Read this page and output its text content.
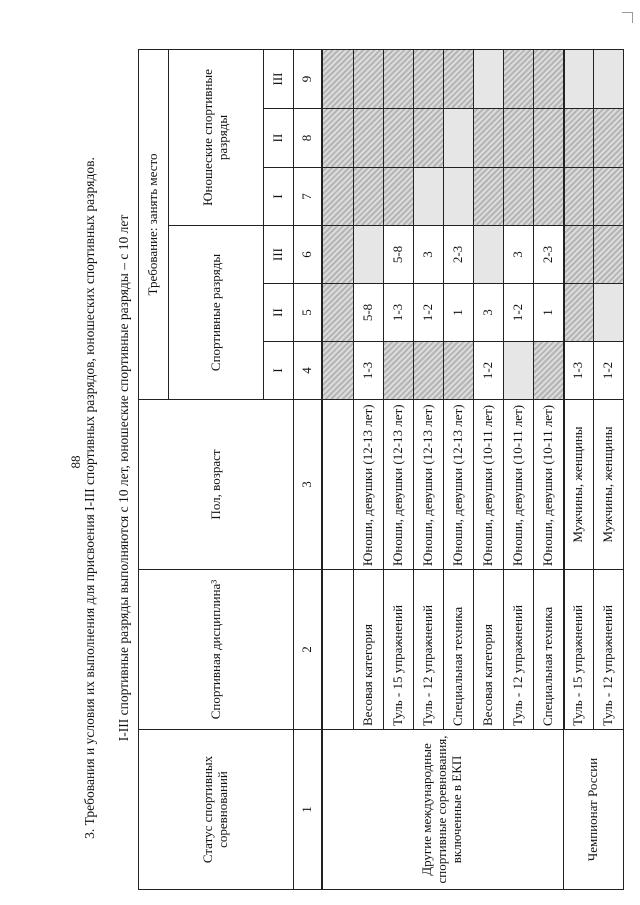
88 3. Требования и условия их выполнения для присвоения I-III спортивных разрядов, юношеских спортивных разрядов. I-III спортивные разряды выполняются с 10 лет, юношеские спортивные разряды – с 10 лет
Статус спортивных соревнований	Спортивная дисциплина³	Пол, возраст	Требование: занять место					
			Спортивные разряды			Юношеские спортивные разряды		
			I	II	III	I	II	III
1	2	3	4	5	6	7	8	9
Другие международные спортивные соревнования, включенные в ЕКП								
	Весовая категория	Юноши, девушки (12-13 лет)	1-3	5-8				
	Туль - 15 упражнений	Юноши, девушки (12-13 лет)		1-3	5-8			
	Туль - 12 упражнений	Юноши, девушки (12-13 лет)		1-2	3			
	Специальная техника	Юноши, девушки (12-13 лет)		1	2-3			
	Весовая категория	Юноши, девушки (10-11 лет)	1-2	3				
	Туль - 12 упражнений	Юноши, девушки (10-11 лет)		1-2	3			
	Специальная техника	Юноши, девушки (10-11 лет)		1	2-3			
Чемпионат России	Туль - 15 упражнений	Мужчины, женщины	1-3					
	Туль - 12 упражнений	Мужчины, женщины	1-2					
